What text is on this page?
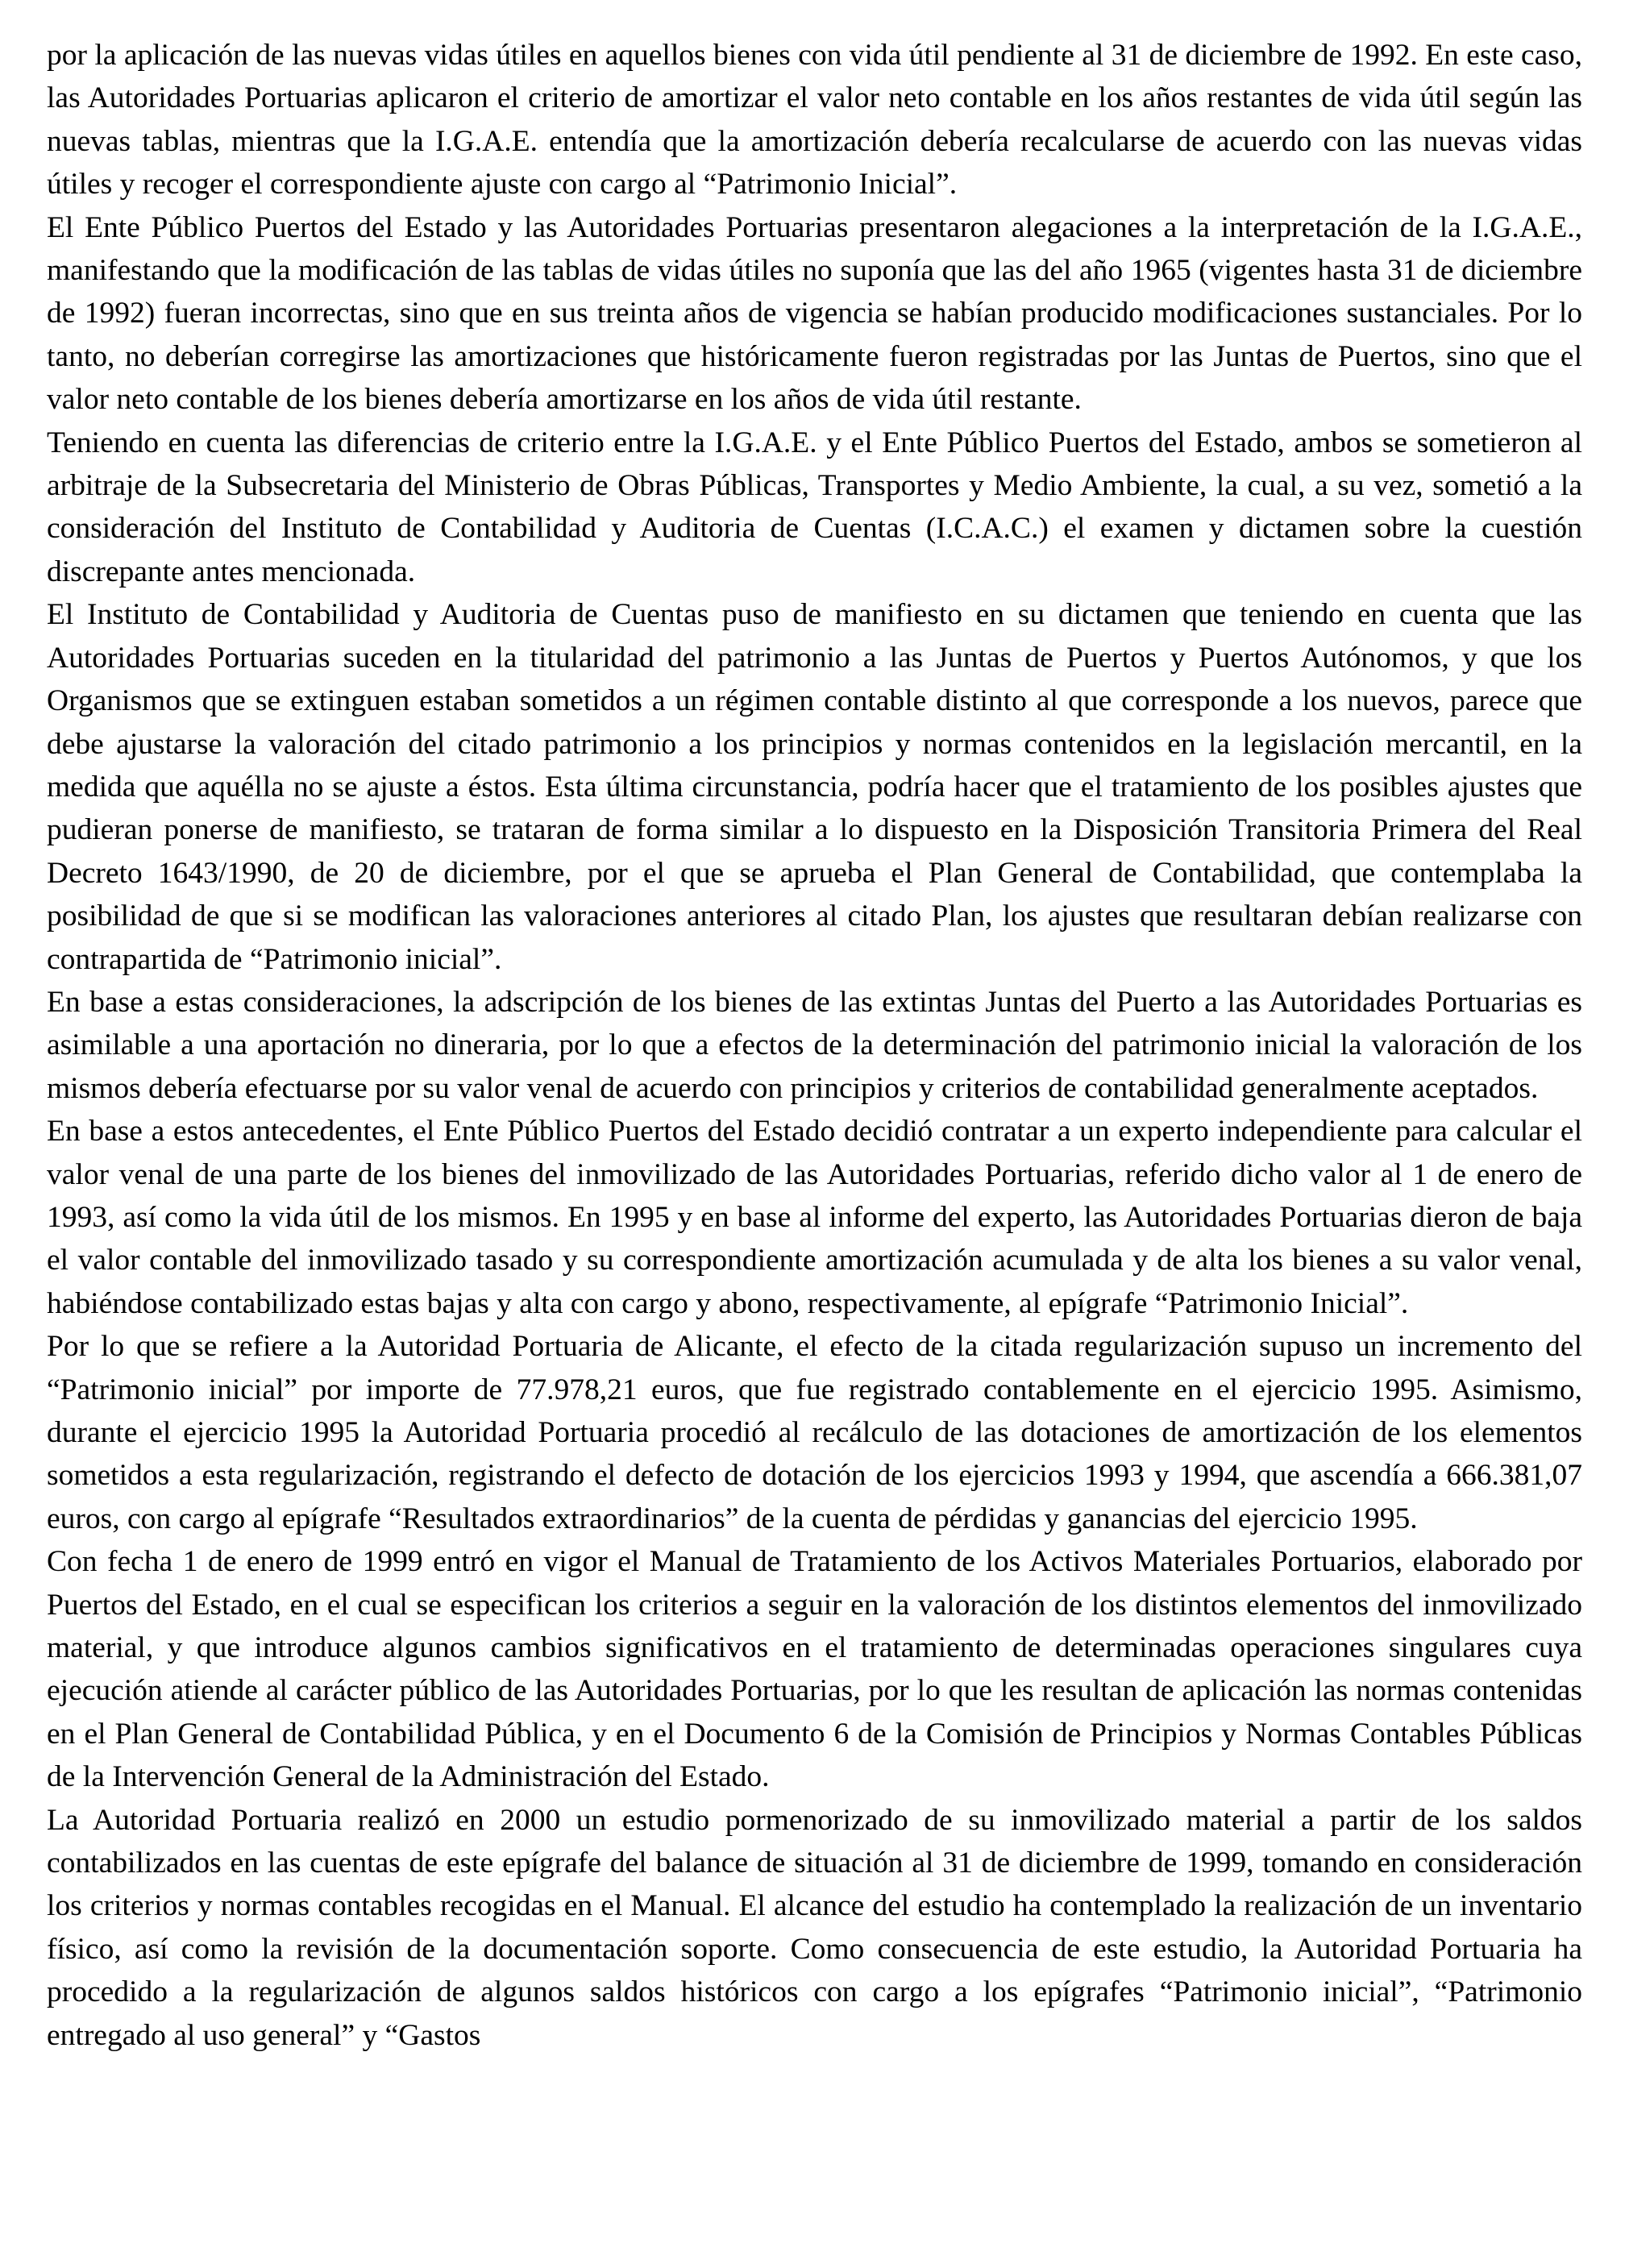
por la aplicación de las nuevas vidas útiles en aquellos bienes con vida útil pendiente al 31 de diciembre de 1992. En este caso, las Autoridades Portuarias aplicaron el criterio de amortizar el valor neto contable en los años restantes de vida útil según las nuevas tablas, mientras que la I.G.A.E. entendía que la amortización debería recalcularse de acuerdo con las nuevas vidas útiles y recoger el correspondiente ajuste con cargo al “Patrimonio Inicial”.

El Ente Público Puertos del Estado y las Autoridades Portuarias presentaron alegaciones a la interpretación de la I.G.A.E., manifestando que la modificación de las tablas de vidas útiles no suponía que las del año 1965 (vigentes hasta 31 de diciembre de 1992) fueran incorrectas, sino que en sus treinta años de vigencia se habían producido modificaciones sustanciales. Por lo tanto, no deberían corregirse las amortizaciones que históricamente fueron registradas por las Juntas de Puertos, sino que el valor neto contable de los bienes debería amortizarse en los años de vida útil restante.

Teniendo en cuenta las diferencias de criterio entre la I.G.A.E. y el Ente Público Puertos del Estado, ambos se sometieron al arbitraje de la Subsecretaria del Ministerio de Obras Públicas, Transportes y Medio Ambiente, la cual, a su vez, sometió a la consideración del Instituto de Contabilidad y Auditoria de Cuentas (I.C.A.C.) el examen y dictamen sobre la cuestión discrepante antes mencionada.

El Instituto de Contabilidad y Auditoria de Cuentas puso de manifiesto en su dictamen que teniendo en cuenta que las Autoridades Portuarias suceden en la titularidad del patrimonio a las Juntas de Puertos y Puertos Autónomos, y que los Organismos que se extinguen estaban sometidos a un régimen contable distinto al que corresponde a los nuevos, parece que debe ajustarse la valoración del citado patrimonio a los principios y normas contenidos en la legislación mercantil, en la medida que aquélla no se ajuste a éstos. Esta última circunstancia, podría hacer que el tratamiento de los posibles ajustes que pudieran ponerse de manifiesto, se trataran de forma similar a lo dispuesto en la Disposición Transitoria Primera del Real Decreto 1643/1990, de 20 de diciembre, por el que se aprueba el Plan General de Contabilidad, que contemplaba la posibilidad de que si se modifican las valoraciones anteriores al citado Plan, los ajustes que resultaran debían realizarse con contrapartida de “Patrimonio inicial”.

En base a estas consideraciones, la adscripción de los bienes de las extintas Juntas del Puerto a las Autoridades Portuarias es asimilable a una aportación no dineraria, por lo que a efectos de la determinación del patrimonio inicial la valoración de los mismos debería efectuarse por su valor venal de acuerdo con principios y criterios de contabilidad generalmente aceptados.

En base a estos antecedentes, el Ente Público Puertos del Estado decidió contratar a un experto independiente para calcular el valor venal de una parte de los bienes del inmovilizado de las Autoridades Portuarias, referido dicho valor al 1 de enero de 1993, así como la vida útil de los mismos. En 1995 y en base al informe del experto, las Autoridades Portuarias dieron de baja el valor contable del inmovilizado tasado y su correspondiente amortización acumulada y de alta los bienes a su valor venal, habiéndose contabilizado estas bajas y alta con cargo y abono, respectivamente, al epígrafe “Patrimonio Inicial”.

Por lo que se refiere a la Autoridad Portuaria de Alicante, el efecto de la citada regularización supuso un incremento del “Patrimonio inicial” por importe de 77.978,21 euros, que fue registrado contablemente en el ejercicio 1995. Asimismo, durante el ejercicio 1995 la Autoridad Portuaria procedió al recálculo de las dotaciones de amortización de los elementos sometidos a esta regularización, registrando el defecto de dotación de los ejercicios 1993 y 1994, que ascendía a 666.381,07 euros, con cargo al epígrafe “Resultados extraordinarios” de la cuenta de pérdidas y ganancias del ejercicio 1995.

Con fecha 1 de enero de 1999 entró en vigor el Manual de Tratamiento de los Activos Materiales Portuarios, elaborado por Puertos del Estado, en el cual se especifican los criterios a seguir en la valoración de los distintos elementos del inmovilizado material, y que introduce algunos cambios significativos en el tratamiento de determinadas operaciones singulares cuya ejecución atiende al carácter público de las Autoridades Portuarias, por lo que les resultan de aplicación las normas contenidas en el Plan General de Contabilidad Pública, y en el Documento 6 de la Comisión de Principios y Normas Contables Públicas de la Intervención General de la Administración del Estado.

La Autoridad Portuaria realizó en 2000 un estudio pormenorizado de su inmovilizado material a partir de los saldos contabilizados en las cuentas de este epígrafe del balance de situación al 31 de diciembre de 1999, tomando en consideración los criterios y normas contables recogidas en el Manual. El alcance del estudio ha contemplado la realización de un inventario físico, así como la revisión de la documentación soporte. Como consecuencia de este estudio, la Autoridad Portuaria ha procedido a la regularización de algunos saldos históricos con cargo a los epígrafes “Patrimonio inicial”, “Patrimonio entregado al uso general” y “Gastos
